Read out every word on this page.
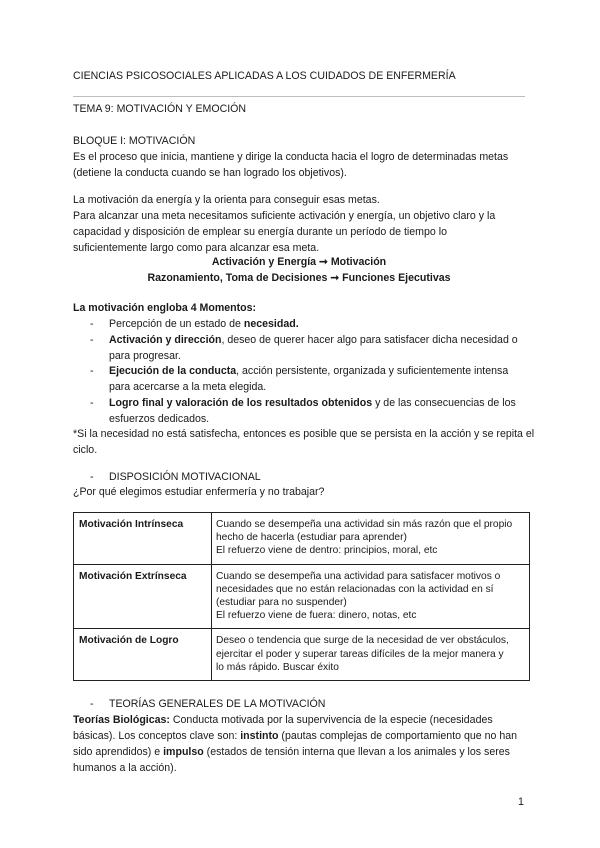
CIENCIAS PSICOSOCIALES APLICADAS A LOS CUIDADOS DE ENFERMERÍA
TEMA 9: MOTIVACIÓN Y EMOCIÓN
BLOQUE I: MOTIVACIÓN
Es el proceso que inicia, mantiene y dirige la conducta hacia el logro de determinadas metas
(detiene la conducta cuando se han logrado los objetivos).
La motivación da energía y la orienta para conseguir esas metas.
Para alcanzar una meta necesitamos suficiente activación y energía, un objetivo claro y la
capacidad y disposición de emplear su energía durante un período de tiempo lo
suficientemente largo como para alcanzar esa meta.
Activación y Energía ➞ Motivación
Razonamiento, Toma de Decisiones ➞ Funciones Ejecutivas
La motivación engloba 4 Momentos:
- Percepción de un estado de necesidad.
- Activación y dirección, deseo de querer hacer algo para satisfacer dicha necesidad o
para progresar.
- Ejecución de la conducta, acción persistente, organizada y suficientemente intensa
para acercarse a la meta elegida.
- Logro final y valoración de los resultados obtenidos y de las consecuencias de los
esfuerzos dedicados.
*Si la necesidad no está satisfecha, entonces es posible que se persista en la acción y se repita el
ciclo.
- DISPOSICIÓN MOTIVACIONAL
¿Por qué elegimos estudiar enfermería y no trabajar?
Motivación Intrínseca	Cuando se desempeña una actividad sin más razón que el propio
hecho de hacerla (estudiar para aprender)
El refuerzo viene de dentro: principios, moral, etc

Motivación Extrínseca	Cuando se desempeña una actividad para satisfacer motivos o
necesidades que no están relacionadas con la actividad en sí
(estudiar para no suspender)
El refuerzo viene de fuera: dinero, notas, etc

Motivación de Logro	Deseo o tendencia que surge de la necesidad de ver obstáculos,
ejercitar el poder y superar tareas difíciles de la mejor manera y
lo más rápido. Buscar éxito
- TEORÍAS GENERALES DE LA MOTIVACIÓN
Teorías Biológicas: Conducta motivada por la supervivencia de la especie (necesidades
básicas). Los conceptos clave son: instinto (pautas complejas de comportamiento que no han
sido aprendidos) e impulso (estados de tensión interna que llevan a los animales y los seres
humanos a la acción).
1
